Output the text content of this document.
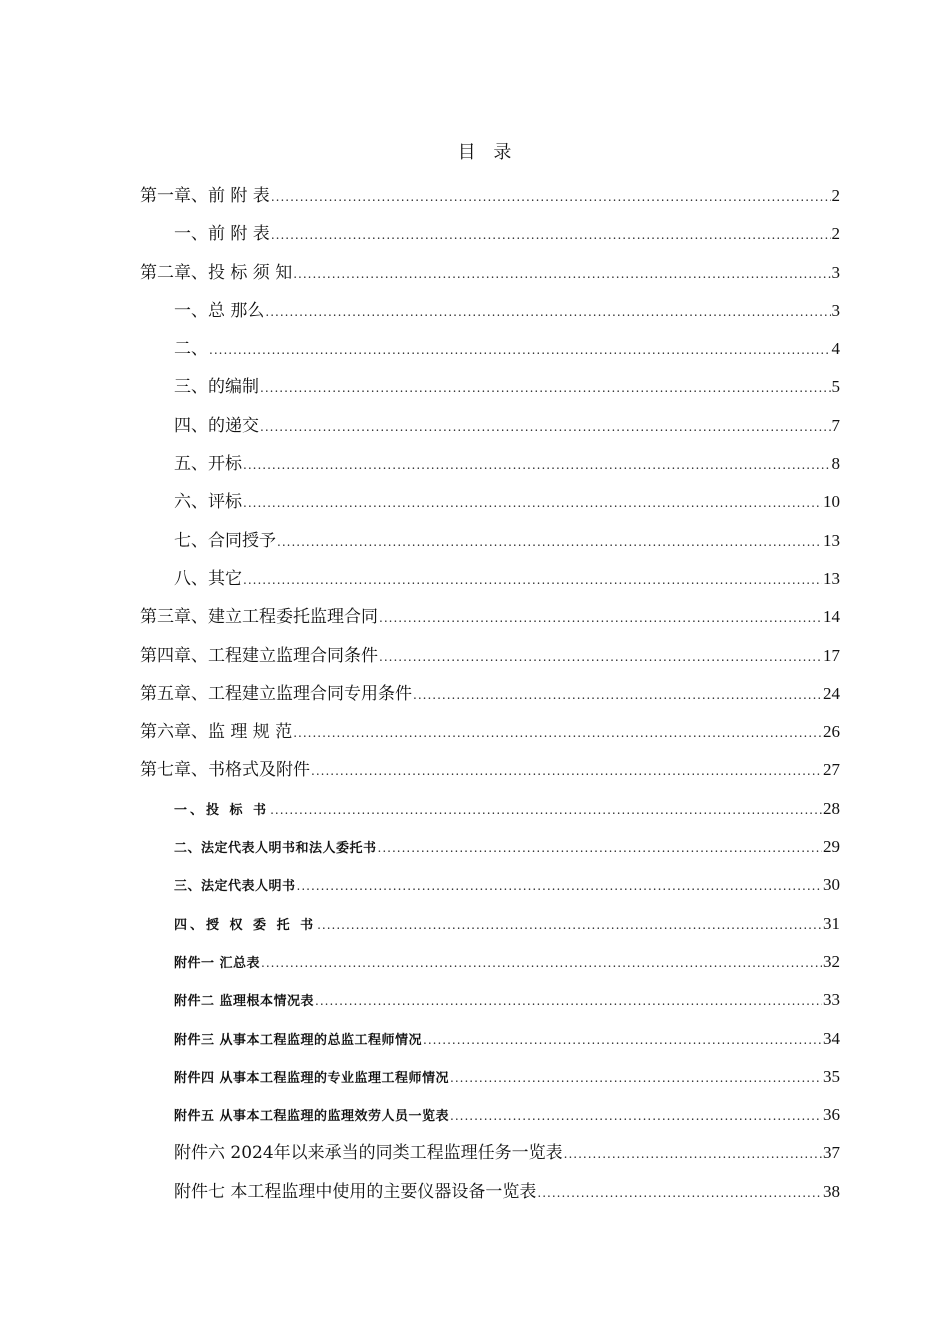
目 录
第一章、前 附 表 .....	2
一、前 附 表 .....	2
第二章、投 标 须 知 .....	3
一、总 那么 .....	3
二、 .....	4
三、的编制 .....	5
四、的递交 .....	7
五、开标 .....	8
六、评标 .....	10
七、合同授予 .....	13
八、其它 .....	13
第三章、建立工程委托监理合同 .....	14
第四章、工程建立监理合同条件 .....	17
第五章、工程建立监理合同专用条件 .....	24
第六章、监 理 规 范 .....	26
第七章、书格式及附件 .....	27
一、投 标 书 .....	28
二、法定代表人明书和法人委托书 .....	29
三、法定代表人明书 .....	30
四、授 权 委 托 书 .....	31
附件一 汇总表 .....	32
附件二 监理根本情况表 .....	33
附件三 从事本工程监理的总监工程师情况 .....	34
附件四 从事本工程监理的专业监理工程师情况 .....	35
附件五 从事本工程监理的监理效劳人员一览表 .....	36
附件六 2024年以来承当的同类工程监理任务一览表 .....	37
附件七 本工程监理中使用的主要仪器设备一览表 .....	38
